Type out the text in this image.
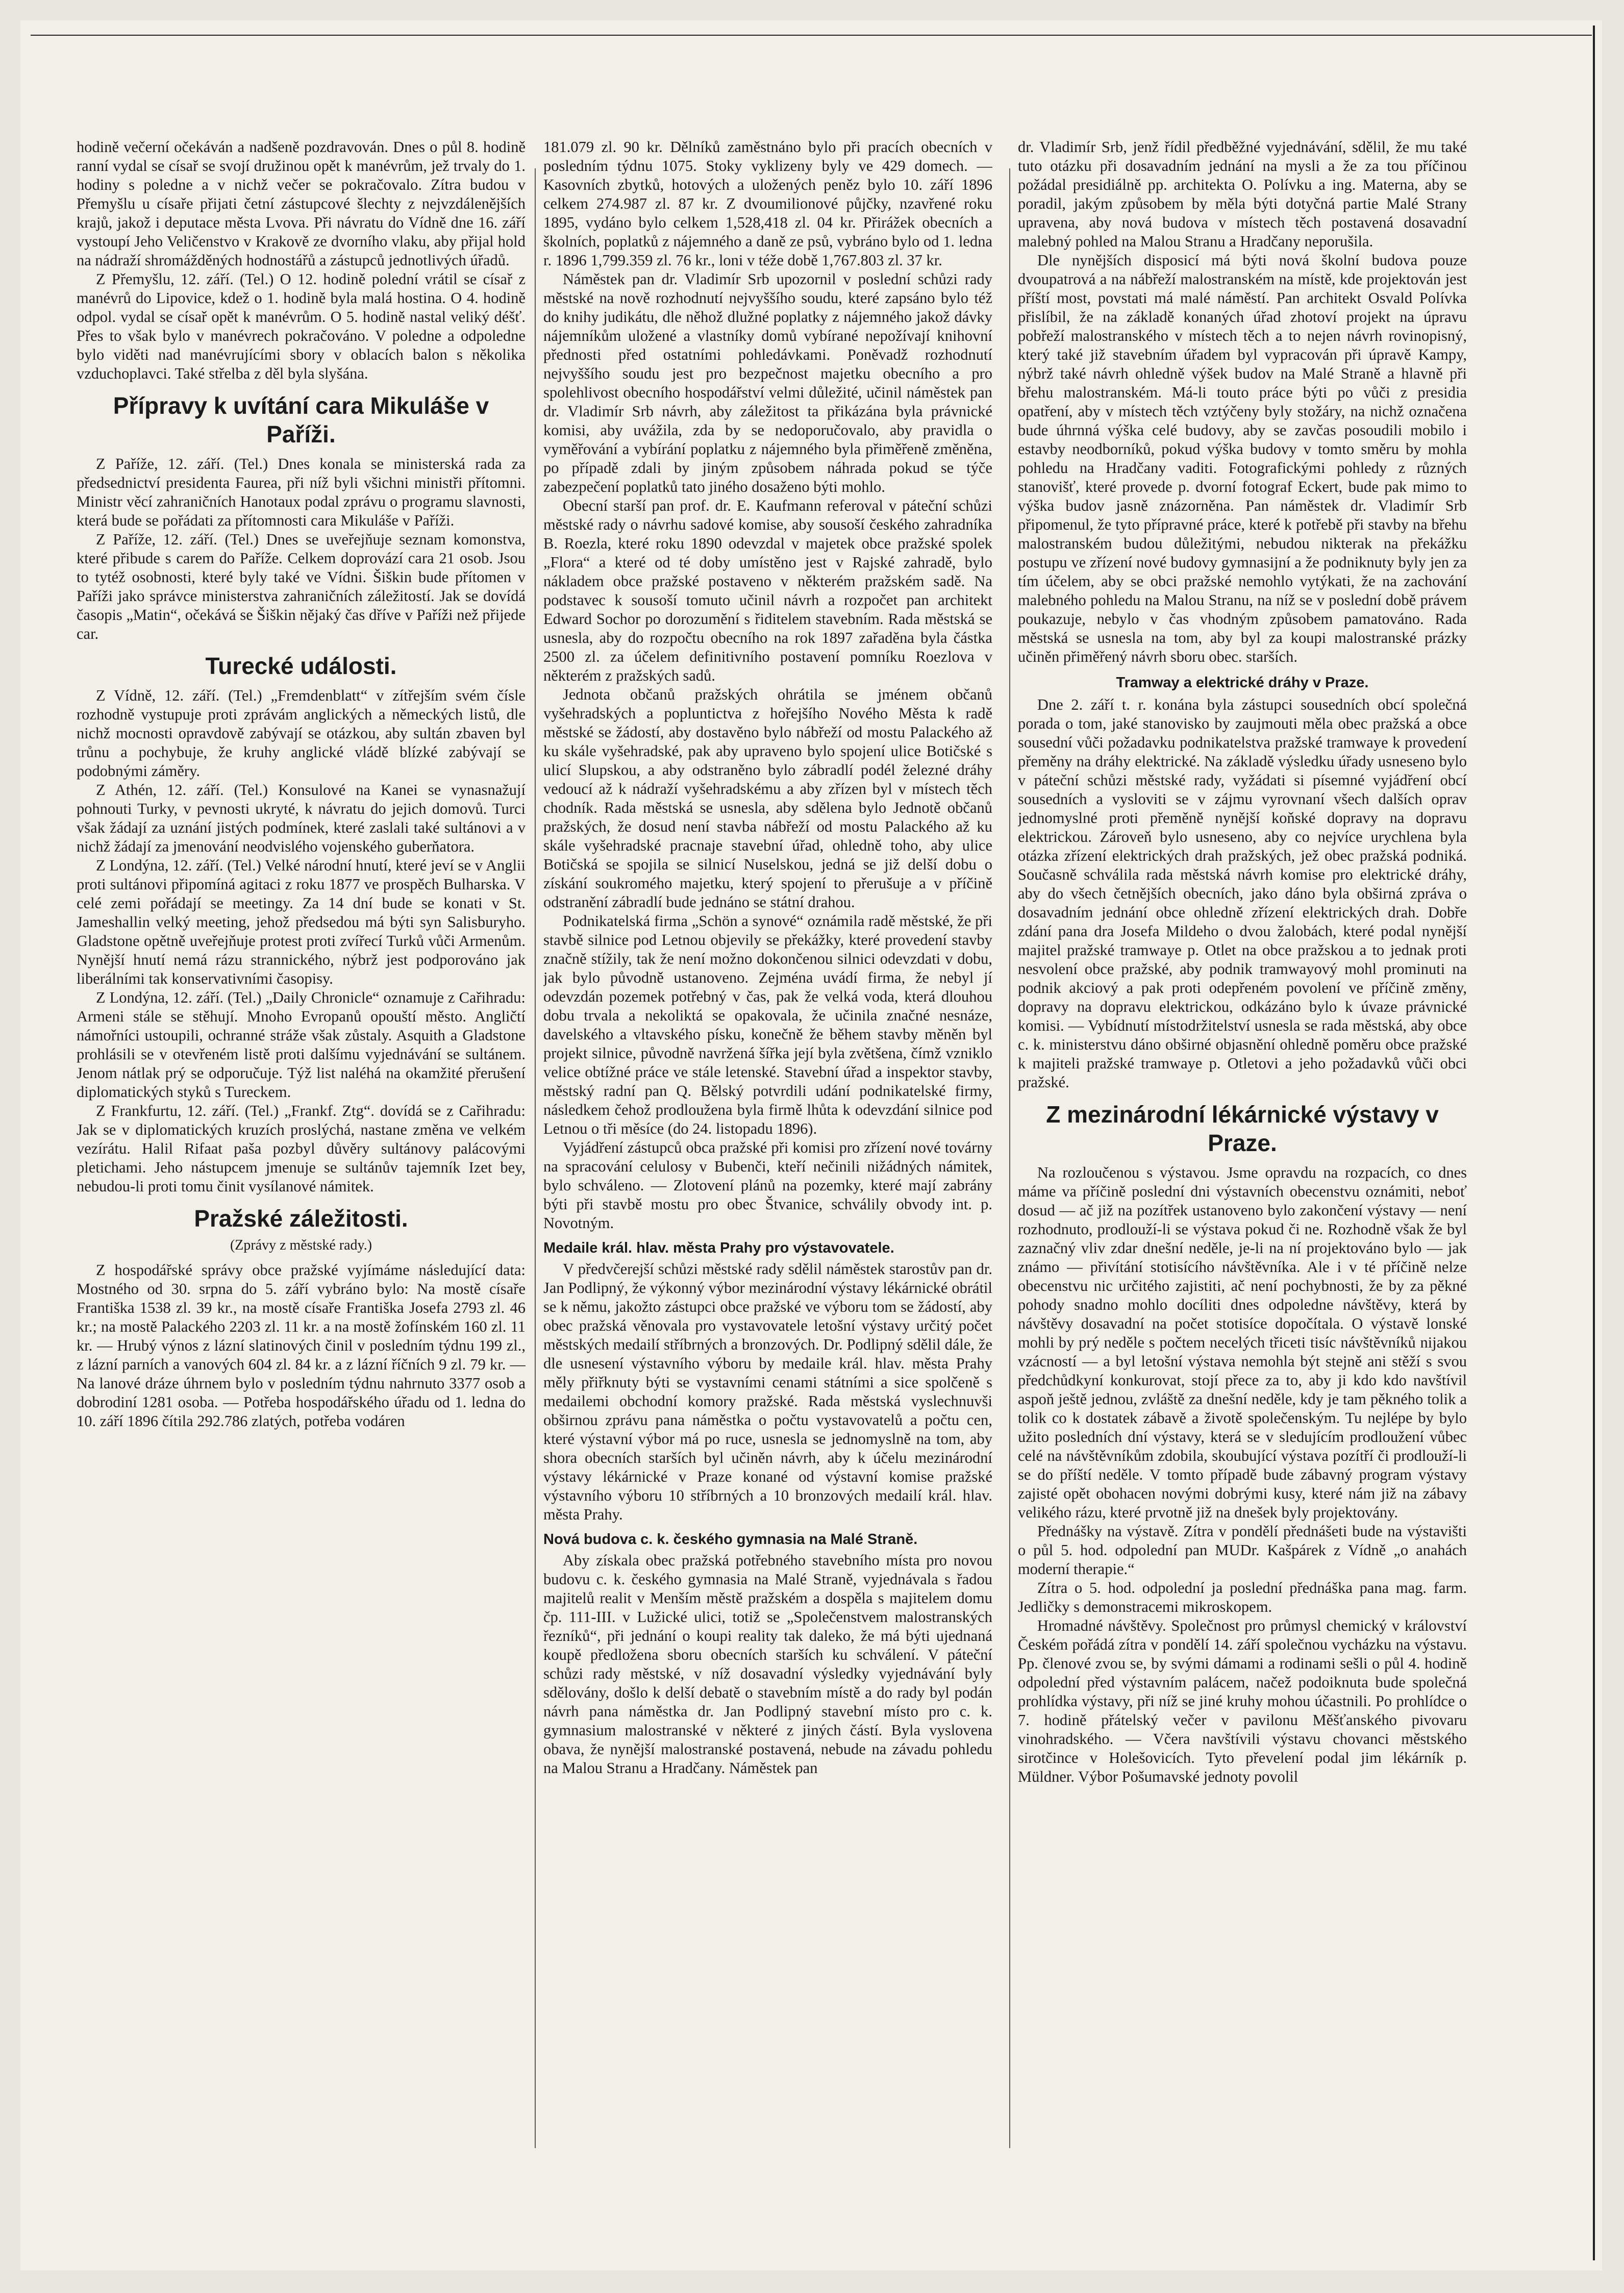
hodině večerní očekáván a nadšeně pozdravován. Dnes o půl 8. hodině ranní vydal se císař se svojí družinou opět k manévrům, jež trvaly do 1. hodiny s poledne a v nichž večer se pokračovalo. Zítra budou v Přemyšlu u císaře přijati četní zástupcové šlechty z nejvzdálenějších krajů, jakož i deputace města Lvova. Při návratu do Vídně dne 16. září vystoupí Jeho Veličenstvo v Krakově ze dvorního vlaku, aby přijal hold na nádraží shromážděných hodnostářů a zástupců jednotlivých úřadů.

Z Přemyšlu, 12. září. (Tel.) O 12. hodině polední vrátil se císař z manévrů do Lipovice, kdež o 1. hodině byla malá hostina. O 4. hodině odpol. vydal se císař opět k manévrům. O 5. hodině nastal veliký déšť. Přes to však bylo v manévrech pokračováno. V poledne a odpoledne bylo viděti nad manévrujícími sbory v oblacích balon s několika vzduchoplavci. Také střelba z děl byla slyšána.

Přípravy k uvítání cara Mikuláše v Paříži.

Z Paříže, 12. září. (Tel.) Dnes konala se ministerská rada za předsednictví presidenta Faurea, při níž byli všichni ministři přítomni. Ministr věcí zahraničních Hanotaux podal zprávu o programu slavnosti, která bude se pořádati za přítomnosti cara Mikuláše v Paříži.

Z Paříže, 12. září. (Tel.) Dnes se uveřejňuje seznam komonstva, které přibude s carem do Paříže. Celkem doprovází cara 21 osob. Jsou to tytéž osobnosti, které byly také ve Vídni. Šiškin bude přítomen v Paříži jako správce ministerstva zahraničních záležitostí. Jak se dovídá časopis „Matin“, očekává se Šiškin nějaký čas dříve v Paříži než přijede car.

Turecké události.

Z Vídně, 12. září. (Tel.) „Fremdenblatt“ v zítřejším svém čísle rozhodně vystupuje proti zprávám anglických a německých listů, dle nichž mocnosti opravdově zabývají se otázkou, aby sultán zbaven byl trůnu a pochybuje, že kruhy anglické vládě blízké zabývají se podobnými záměry.

Z Athén, 12. září. (Tel.) Konsulové na Kanei se vynasnažují pohnouti Turky, v pevnosti ukryté, k návratu do jejich domovů. Turci však žádají za uznání jistých podmínek, které zaslali také sultánovi a v nichž žádají za jmenování neodvislého vojenského guberňatora.

Z Londýna, 12. září. (Tel.) Velké národní hnutí, které jeví se v Anglii proti sultánovi připomíná agitaci z roku 1877 ve prospěch Bulharska. V celé zemi pořádají se meetingy. Za 14 dní bude se konati v St. Jameshallin velký meeting, jehož předsedou má býti syn Salisburyho. Gladstone opětně uveřejňuje protest proti zvířecí Turků vůči Armenům. Nynější hnutí nemá rázu strannického, nýbrž jest podporováno jak liberálními tak konservativními časopisy.

Z Londýna, 12. září. (Tel.) „Daily Chronicle“ oznamuje z Cařihradu: Armeni stále se stěhují. Mnoho Evropanů opouští město. Angličtí námořníci ustoupili, ochranné stráže však zůstaly. Asquith a Gladstone prohlásili se v otevřeném listě proti dalšímu vyjednávání se sultánem. Jenom nátlak prý se odporučuje. Týž list naléhá na okamžité přerušení diplomatických styků s Tureckem.

Z Frankfurtu, 12. září. (Tel.) „Frankf. Ztg“. dovídá se z Cařihradu: Jak se v diplomatických kruzích proslýchá, nastane změna ve velkém vezírátu. Halil Rifaat paša pozbyl důvěry sultánovy palácovými pletichami. Jeho nástupcem jmenuje se sultánův tajemník Izet bey, nebudou-li proti tomu činit vysílanové námitek.

Pražské záležitosti.
(Zprávy z městské rady.)

Z hospodářské správy obce pražské vyjímáme následující data: Mostného od 30. srpna do 5. září vybráno bylo: Na mostě císaře Františka 1538 zl. 39 kr., na mostě císaře Františka Josefa 2793 zl. 46 kr.; na mostě Palackého 2203 zl. 11 kr. a na mostě žofínském 160 zl. 11 kr. — Hrubý výnos z lázní slatinových činil v posledním týdnu 199 zl., z lázní parních a vanových 604 zl. 84 kr. a z lázní říčních 9 zl. 79 kr. — Na lanové dráze úhrnem bylo v posledním týdnu nahrnuto 3377 osob a dobrodiní 1281 osoba. — Potřeba hospodářského úřadu od 1. ledna do 10. září 1896 čítila 292.786 zlatých, potřeba vodáren

181.079 zl. 90 kr. Dělníků zaměstnáno bylo při pracích obecních v posledním týdnu 1075. Stoky vyklizeny byly ve 429 domech. — Kasovních zbytků, hotových a uložených peněz bylo 10. září 1896 celkem 274.987 zl. 87 kr. Z dvoumilionové půjčky, nzavřené roku 1895, vydáno bylo celkem 1,528,418 zl. 04 kr. Přirážek obecních a školních, poplatků z nájemného a daně ze psů, vybráno bylo od 1. ledna r. 1896 1,799.359 zl. 76 kr., loni v téže době 1,767.803 zl. 37 kr.

Náměstek pan dr. Vladimír Srb upozornil v poslední schůzi rady městské na nově rozhodnutí nejvyššího soudu, které zapsáno bylo též do knihy judikátu, dle něhož dlužné poplatky z nájemného jakož dávky nájemníkům uložené a vlastníky domů vybírané nepožívají knihovní přednosti před ostatními pohledávkami. Poněvadž rozhodnutí nejvyššího soudu jest pro bezpečnost majetku obecního a pro spolehlivost obecního hospodářství velmi důležité, učinil náměstek pan dr. Vladimír Srb návrh, aby záležitost ta přikázána byla právnické komisi, aby uvážila, zda by se nedoporučovalo, aby pravidla o vyměřování a vybírání poplatku z nájemného byla přiměřeně změněna, po případě zdali by jiným způsobem náhrada pokud se týče zabezpečení poplatků tato jiného dosaženo býti mohlo.

Obecní starší pan prof. dr. E. Kaufmann referoval v páteční schůzi městské rady o návrhu sadové komise, aby sousoší českého zahradníka B. Roezla, které roku 1890 odevzdal v majetek obce pražské spolek „Flora“ a které od té doby umístěno jest v Rajské zahradě, bylo nákladem obce pražské postaveno v některém pražském sadě. Na podstavec k sousoší tomuto učinil návrh a rozpočet pan architekt Edward Sochor po dorozumění s řiditelem stavebním. Rada městská se usnesla, aby do rozpočtu obecního na rok 1897 zařaděna byla částka 2500 zl. za účelem definitivního postavení pomníku Roezlova v některém z pražských sadů.

Jednota občanů pražských ohrátila se jménem občanů vyšehradských a popluntictva z hořejšího Nového Města k radě městské se žádostí, aby dostavěno bylo nábřeží od mostu Palackého až ku skále vyšehradské, pak aby upraveno bylo spojení ulice Botičské s ulicí Slupskou, a aby odstraněno bylo zábradlí podél železné dráhy vedoucí až k nádraží vyšehradskému a aby zřízen byl v místech těch chodník. Rada městská se usnesla, aby sdělena bylo Jednotě občanů pražských, že dosud není stavba nábřeží od mostu Palackého až ku skále vyšehradské pracnaje stavební úřad, ohledně toho, aby ulice Botičská se spojila se silnicí Nuselskou, jedná se již delší dobu o získání soukromého majetku, který spojení to přerušuje a v příčině odstranění zábradlí bude jednáno se státní drahou.

Podnikatelská firma „Schön a synové“ oznámila radě městské, že při stavbě silnice pod Letnou objevily se překážky, které provedení stavby značně stížily, tak že není možno dokončenou silnici odevzdati v dobu, jak bylo původně ustanoveno. Zejména uvádí firma, že nebyl jí odevzdán pozemek potřebný v čas, pak že velká voda, která dlouhou dobu trvala a nekoliktá se opakovala, že učinila značné nesnáze, davelského a vltavského písku, konečně že během stavby měněn byl projekt silnice, původně navržená šířka její byla zvětšena, čímž vzniklo velice obtížné práce ve stále letenské. Stavební úřad a inspektor stavby, městský radní pan Q. Bělský potvrdili udání podnikatelské firmy, následkem čehož prodloužena byla firmě lhůta k odevzdání silnice pod Letnou o tři měsíce (do 24. listopadu 1896).

Vyjádření zástupců obca pražské při komisi pro zřízení nové továrny na spracování celulosy v Bubenči, kteří nečinili nižádných námitek, bylo schváleno. — Zlotovení plánů na pozemky, které mají zabrány býti při stavbě mostu pro obec Štvanice, schválily obvody int. p. Novotným.

Medaile král. hlav. města Prahy pro výstavovatele.

V předvčerejší schůzi městské rady sdělil náměstek starostův pan dr. Jan Podlipný, že výkonný výbor mezinárodní výstavy lékárnické obrátil se k němu, jakožto zástupci obce pražské ve výboru tom se žádostí, aby obec pražská věnovala pro vystavovatele letošní výstavy určitý počet městských medailí stříbrných a bronzových. Dr. Podlipný sdělil dále, že dle usnesení výstavního výboru by medaile král. hlav. města Prahy měly přiřknuty býti se vystavními cenami státními a sice spolčeně s medailemi obchodní komory pražské. Rada městská vyslechnuvši obširnou zprávu pana náměstka o počtu vystavovatelů a počtu cen, které výstavní výbor má po ruce, usnesla se jednomyslně na tom, aby shora obecních starších byl učiněn návrh, aby k účelu mezinárodní výstavy lékárnické v Praze konané od výstavní komise pražské výstavního výboru 10 stříbrných a 10 bronzových medailí král. hlav. města Prahy.

Nová budova c. k. českého gymnasia na Malé Straně.

Aby získala obec pražská potřebného stavebního místa pro novou budovu c. k. českého gymnasia na Malé Straně, vyjednávala s řadou majitelů realit v Menším městě pražském a dospěla s majitelem domu čp. 111-III. v Lužické ulici, totiž se „Společenstvem malostranských řezníků“, při jednání o koupi reality tak daleko, že má býti ujednaná koupě předložena sboru obecních starších ku schválení. V páteční schůzi rady městské, v níž dosavadní výsledky vyjednávání byly sdělovány, došlo k delší debatě o stavebním místě a do rady byl podán návrh pana náměstka dr. Jan Podlipný stavební místo pro c. k. gymnasium malostranské v některé z jiných částí. Byla vyslovena obava, že nynější malostranské postavená, nebude na závadu pohledu na Malou Stranu a Hradčany. Náměstek pan

dr. Vladimír Srb, jenž řídil předběžné vyjednávání, sdělil, že mu také tuto otázku při dosavadním jednání na mysli a že za tou příčinou požádal presidiálně pp. architekta O. Polívku a ing. Materna, aby se poradil, jakým způsobem by měla býti dotyčná partie Malé Strany upravena, aby nová budova v místech těch postavená dosavadní malebný pohled na Malou Stranu a Hradčany neporušila.

Dle nynějších disposicí má býti nová školní budova pouze dvoupatrová a na nábřeží malostranském na místě, kde projektován jest příští most, povstati má malé náměstí. Pan architekt Osvald Polívka přislíbil, že na základě konaných úřad zhotoví projekt na úpravu pobřeží malostranského v místech těch a to nejen návrh rovinopisný, který také již stavebním úřadem byl vypracován při úpravě Kampy, nýbrž také návrh ohledně výšek budov na Malé Straně a hlavně při břehu malostranském. Má-li touto práce býti po vůči z presidia opatření, aby v místech těch vztýčeny byly stožáry, na nichž označena bude úhrnná výška celé budovy, aby se zavčas posoudili mobilo i estavby neodborníků, pokud výška budovy v tomto směru by mohla pohledu na Hradčany vaditi. Fotografickými pohledy z různých stanovišť, které provede p. dvorní fotograf Eckert, bude pak mimo to výška budov jasně znázorněna. Pan náměstek dr. Vladimír Srb připomenul, že tyto přípravné práce, které k potřebě při stavby na břehu malostranském budou důležitými, nebudou nikterak na překážku postupu ve zřízení nové budovy gymnasijní a že podniknuty byly jen za tím účelem, aby se obci pražské nemohlo vytýkati, že na zachování malebného pohledu na Malou Stranu, na níž se v poslední době právem poukazuje, nebylo v čas vhodným způsobem pamatováno. Rada městská se usnesla na tom, aby byl za koupi malostranské prázky učiněn přiměřený návrh sboru obec. starších.

Tramway a elektrické dráhy v Praze.

Dne 2. září t. r. konána byla zástupci sousedních obcí společná porada o tom, jaké stanovisko by zaujmouti měla obec pražská a obce sousední vůči požadavku podnikatelstva pražské tramwaye k provedení přeměny na dráhy elektrické. Na základě výsledku úřady usneseno bylo v páteční schůzi městské rady, vyžádati si písemné vyjádření obcí sousedních a vysloviti se v zájmu vyrovnaní všech dalších oprav jednomyslné proti přeměně nynější koňské dopravy na dopravu elektrickou. Zároveň bylo usneseno, aby co nejvíce urychlena byla otázka zřízení elektrických drah pražských, jež obec pražská podniká. Současně schválila rada městská návrh komise pro elektrické dráhy, aby do všech četnějších obecních, jako dáno byla obširná zpráva o dosavadním jednání obce ohledně zřízení elektrických drah. Dobře zdání pana dra Josefa Mildeho o dvou žalobách, které podal nynější majitel pražské tramwaye p. Otlet na obce pražskou a to jednak proti nesvolení obce pražské, aby podnik tramwayový mohl prominuti na podnik akciový a pak proti odepřeném povolení ve příčině změny, dopravy na dopravu elektrickou, odkázáno bylo k úvaze právnické komisi. — Vybídnutí místodržitelství usnesla se rada městská, aby obce c. k. ministerstvu dáno obširné objasnění ohledně poměru obce pražské k majiteli pražské tramwaye p. Otletovi a jeho požadavků vůči obci pražské.

Z mezinárodní lékárnické výstavy v Praze.

Na rozloučenou s výstavou. Jsme opravdu na rozpacích, co dnes máme va příčině poslední dni výstavních obecenstvu oznámiti, neboť dosud — ač již na pozítřek ustanoveno bylo zakončení výstavy — není rozhodnuto, prodlouží-li se výstava pokud či ne. Rozhodně však že byl zaznačný vliv zdar dnešní neděle, je-li na ní projektováno bylo — jak známo — přivítání stotisícího návštěvníka. Ale i v té příčině nelze obecenstvu nic určitého zajistiti, ač není pochybnosti, že by za pěkné pohody snadno mohlo docíliti dnes odpoledne návštěvy, která by návštěvy dosavadní na počet stotisíce dopočítala. O výstavě lonské mohli by prý neděle s počtem necelých třiceti tisíc návštěvníků nijakou vzácností — a byl letošní výstava nemohla být stejně ani stěží s svou předchůdkyní konkurovat, stojí přece za to, aby ji kdo kdo navštívil aspoň ještě jednou, zvláště za dnešní neděle, kdy je tam pěkného tolik a tolik co k dostatek zábavě a životě společenským. Tu nejlépe by bylo užito posledních dní výstavy, která se v sledujícím prodloužení vůbec celé na návštěvníkům zdobila, skoubující výstava pozítří či prodlouží-li se do příští neděle. V tomto případě bude zábavný program výstavy zajisté opět obohacen novými dobrými kusy, které nám již na zábavy velikého rázu, které prvotně již na dnešek byly projektovány.

Přednášky na výstavě. Zítra v pondělí přednášeti bude na výstavišti o půl 5. hod. odpolední pan MUDr. Kašpárek z Vídně „o anahách moderní therapie.“

Zítra o 5. hod. odpolední ja poslední přednáška pana mag. farm. Jedličky s demonstracemi mikroskopem.

Hromadné návštěvy. Společnost pro průmysl chemický v království Českém pořádá zítra v pondělí 14. září společnou vycházku na výstavu. Pp. členové zvou se, by svými dámami a rodinami sešli o půl 4. hodině odpolední před výstavním palácem, načež podoiknuta bude společná prohlídka výstavy, při níž se jiné kruhy mohou účastnili. Po prohlídce o 7. hodině přátelský večer v pavilonu Měšťanského pivovaru vinohradského. — Včera navštívili výstavu chovanci městského sirotčince v Holešovicích. Tyto převelení podal jim lékárník p. Müldner. Výbor Pošumavské jednoty povolil
